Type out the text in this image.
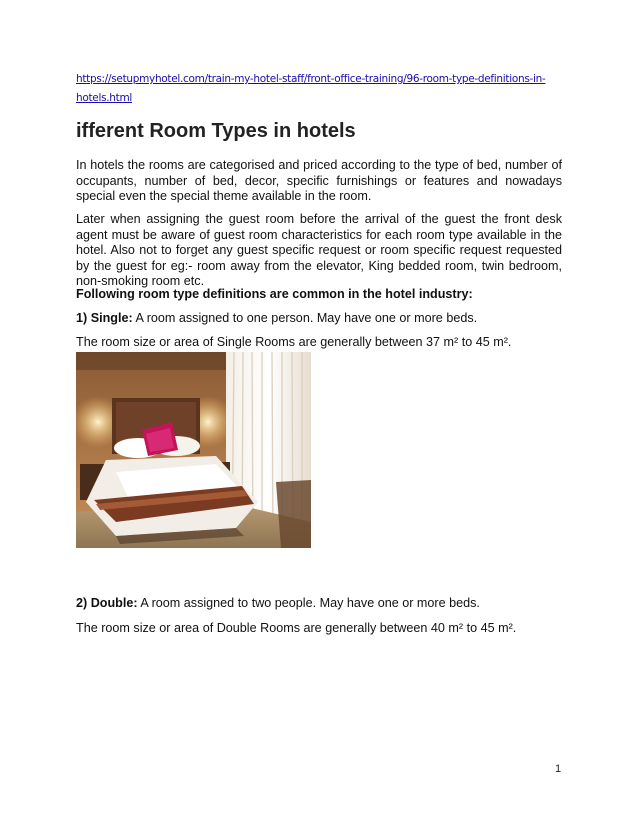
https://setupmyhotel.com/train-my-hotel-staff/front-office-training/96-room-type-definitions-in-
hotels.html
ifferent Room Types in hotels

In hotels the rooms are categorised and priced according to the type of bed, number of occupants, number of bed, decor, specific furnishings or features and nowadays special even the special theme available in the room.

Later when assigning the guest room before the arrival of the guest the front desk agent must be aware of guest room characteristics for each room type available in the hotel. Also not to forget any guest specific request or room specific request requested by the guest for eg:- room away from the elevator, King bedded room, twin bedroom, non-smoking room etc.

Following room type definitions are common in the hotel industry:

1) Single: A room assigned to one person. May have one or more beds.

The room size or area of Single Rooms are generally between 37 m² to 45 m².

2) Double: A room assigned to two people. May have one or more beds.

The room size or area of Double Rooms are generally between 40 m² to 45 m².

1
